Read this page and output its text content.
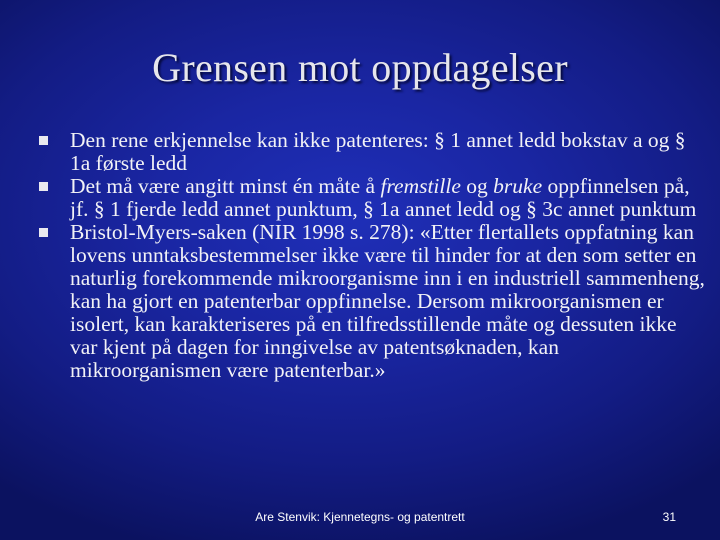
Grensen mot oppdagelser
Den rene erkjennelse kan ikke patenteres: § 1 annet ledd bokstav a og § 1a første ledd
Det må være angitt minst én måte å fremstille og bruke oppfinnelsen på, jf. § 1 fjerde ledd annet punktum, § 1a annet ledd og § 3c annet punktum
Bristol-Myers-saken (NIR 1998 s. 278): «Etter flertallets oppfatning kan lovens unntaksbestemmelser ikke være til hinder for at den som setter en naturlig forekommende mikroorganisme inn i en industriell sammenheng, kan ha gjort en patenterbar oppfinnelse. Dersom mikroorganismen er isolert, kan karakteriseres på en tilfredsstillende måte og dessuten ikke var kjent på dagen for inngivelse av patentsøknaden, kan mikroorganismen være patenterbar.»
Are Stenvik: Kjennetegns- og patentrett	31
